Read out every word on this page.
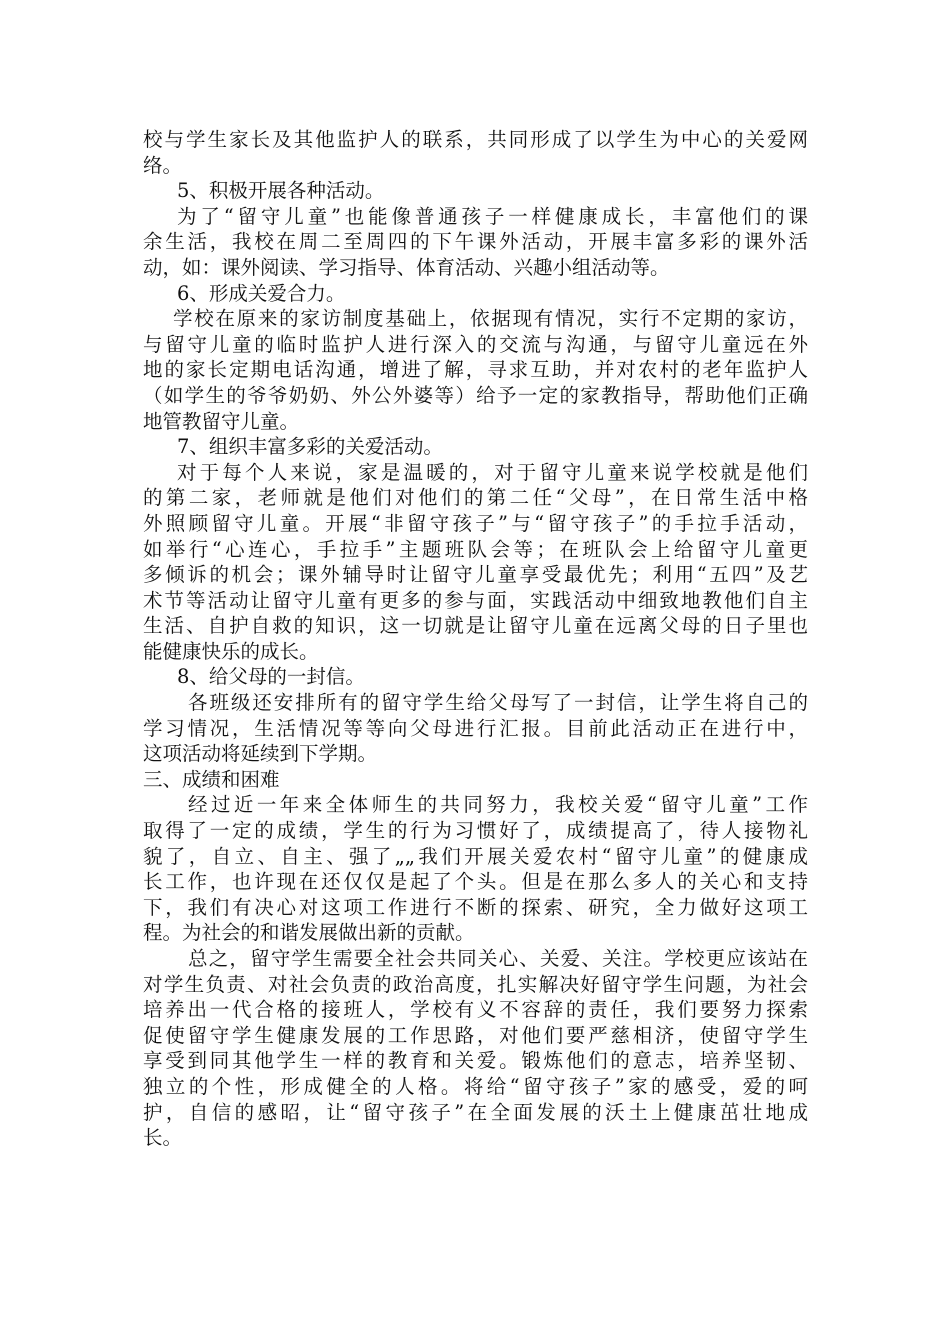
校与学生家长及其他监护人的联系，共同形成了以学生为中心的关爱网
络。
5、积极开展各种活动。
为了“留守儿童”也能像普通孩子一样健康成长，丰富他们的课
余生活，我校在周二至周四的下午课外活动，开展丰富多彩的课外活
动，如：课外阅读、学习指导、体育活动、兴趣小组活动等。
6、形成关爱合力。
学校在原来的家访制度基础上，依据现有情况，实行不定期的家访，
与留守儿童的临时监护人进行深入的交流与沟通，与留守儿童远在外
地的家长定期电话沟通，增进了解，寻求互助，并对农村的老年监护人
（如学生的爷爷奶奶、外公外婆等）给予一定的家教指导，帮助他们正确
地管教留守儿童。
7、组织丰富多彩的关爱活动。
对于每个人来说，家是温暖的，对于留守儿童来说学校就是他们
的第二家，老师就是他们对他们的第二任“父母”，在日常生活中格
外照顾留守儿童。开展“非留守孩子”与“留守孩子”的手拉手活动，
如举行“心连心，手拉手”主题班队会等；在班队会上给留守儿童更
多倾诉的机会；课外辅导时让留守儿童享受最优先；利用“五四”及艺
术节等活动让留守儿童有更多的参与面，实践活动中细致地教他们自主
生活、自护自救的知识，这一切就是让留守儿童在远离父母的日子里也
能健康快乐的成长。
8、给父母的一封信。
各班级还安排所有的留守学生给父母写了一封信，让学生将自己的
学习情况，生活情况等等向父母进行汇报。目前此活动正在进行中，
这项活动将延续到下学期。
三、成绩和困难
经过近一年来全体师生的共同努力，我校关爱“留守儿童”工作
取得了一定的成绩，学生的行为习惯好了，成绩提高了，待人接物礼
貌了，自立、自主、强了„„我们开展关爱农村“留守儿童”的健康成
长工作，也许现在还仅仅是起了个头。但是在那么多人的关心和支持
下，我们有决心对这项工作进行不断的探索、研究，全力做好这项工
程。为社会的和谐发展做出新的贡献。
总之，留守学生需要全社会共同关心、关爱、关注。学校更应该站在
对学生负责、对社会负责的政治高度，扎实解决好留守学生问题，为社会
培养出一代合格的接班人，学校有义不容辞的责任，我们要努力探索
促使留守学生健康发展的工作思路，对他们要严慈相济，使留守学生
享受到同其他学生一样的教育和关爱。锻炼他们的意志，培养坚韧、
独立的个性，形成健全的人格。将给“留守孩子”家的感受，爱的呵
护，自信的感昭，让“留守孩子”在全面发展的沃土上健康茁壮地成
长。
